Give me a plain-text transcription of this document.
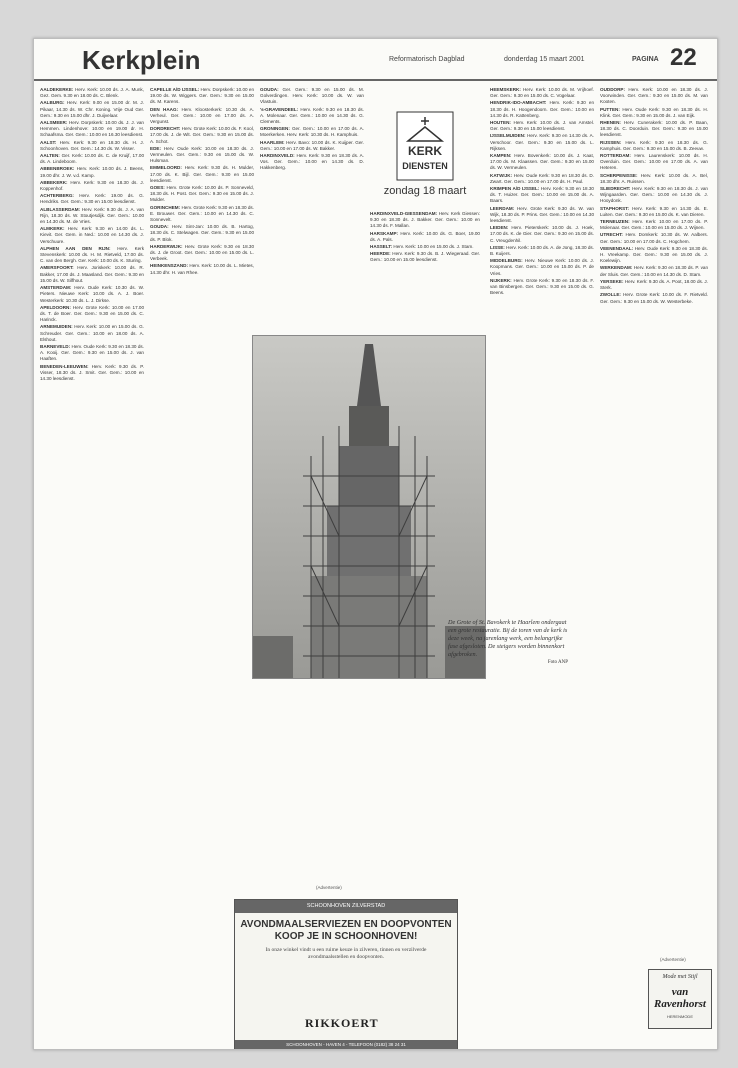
Kerkplein	Reformatorisch Dagblad	donderdag 15 maart 2001	PAGINA 22

AALDEKERKE: Herv. Kerk: 10.00 ds. J. A. Munk, Gez. Gem. 9.30 en 18.00 ds. C. Blenk.

AALBURG: Herv. Kerk: 9.00 en 15.00 dr. M. J. Pikaar, 14.30 ds. W. Chr. Koning. Vrije Oud Ger. Gem.: 9.30 en 15.00 dhr. J. Duijvelaar.

AALSMEER: Herv. Dorpskerk: 10.00 ds. J. J. van Hemmen. Lindenhove: 10.00 en 19.00 dr. H. Schaafsma. Ger. Gem.: 10.00 en 16.30 leesdienst.

AALST: Herv. Kerk: 9.30 en 18.30 ds. H. J. Schoonhoven. Ger. Gem.: 14.30 ds. W. Visser.

AALTEN: Ger. Kerk: 10.00 ds. C. de Kruijf, 17.00 ds. A. Lindeboom.

ABBENBROEK: Herv. Kerk: 10.00 ds. J. Beens, 19.00 dhr. J. W. v.d. Kamp.

ABBEKERK: Herv. Kerk: 9.30 en 18.30 ds. J. Koppenhof.

ACHTERBERG: Herv. Kerk: 19.00 ds. G. Hendriks. Ger. Gem.: 9.30 en 15.00 leesdienst.

ALBLASSERDAM: Herv. Kerk: 9.30 ds. J. A. van Rijn, 18.30 ds. W. Stoutjesdijk. Ger. Gem.: 10.00 en 14.30 ds. M. de Vries.

ALMKERK: Herv. Kerk: 9.30 en 14.00 ds. L. Kievit. Ger. Gem. in Ned.: 10.00 en 14.30 ds. J. Verschuure.

ALPHEN AAN DEN RIJN: Herv. Kerk Stevenskerk: 10.00 ds. H. M. Rietveld, 17.00 ds. C. van den Bergh. Ger. Kerk: 10.00 ds. K. Sturing.

AMERSFOORT: Herv. Joriskerk: 10.00 ds. R. Bakker, 17.00 ds. J. Maasland. Ger. Gem.: 9.30 en 15.00 ds. W. Silfhout.

AMSTERDAM: Herv. Oude Kerk: 10.30 ds. W. Pieters. Nieuwe Kerk: 10.00 ds. A. J. Boer. Westerkerk: 10.30 ds. L. J. Dirkse.

APELDOORN: Herv. Grote Kerk: 10.00 en 17.00 ds. T. de Boer. Ger. Gem.: 9.30 en 15.00 ds. C. Harinck.

ARNEMUIDEN: Herv. Kerk: 10.00 en 15.00 ds. G. Schreuder. Ger. Gem.: 10.00 en 18.00 ds. A. Elshout.

BARNEVELD: Herv. Oude Kerk: 9.30 en 18.30 ds. A. Kooij. Ger. Gem.: 9.30 en 15.00 ds. J. van Haaften.

BENEDEN-LEEUWEN: Herv. Kerk: 9.30 ds. P. Visser, 18.30 ds. J. Smit. Ger. Gem.: 10.00 en 14.30 leesdienst.

CAPELLE A/D IJSSEL: Herv. Dorpskerk: 10.00 en 19.00 ds. W. Wiggers. Ger. Gem.: 9.30 en 15.00 ds. M. Karens.

DEN HAAG: Herv. Kloosterkerk: 10.30 ds. A. Verheul. Ger. Gem.: 10.00 en 17.00 ds. A. Vergunst.

DORDRECHT: Herv. Grote Kerk: 10.00 ds. F. Kool, 17.00 ds. J. de Wit. Ger. Gem.: 9.30 en 15.00 ds. A. Schot.

EDE: Herv. Oude Kerk: 10.00 en 18.30 ds. J. Vermeulen. Ger. Gem.: 9.30 en 15.00 ds. W. Hulsman.

EMMELOORD: Herv. Kerk: 9.30 ds. H. Mulder, 17.00 ds. K. Bijl. Ger. Gem.: 9.30 en 15.00 leesdienst.

GOES: Herv. Grote Kerk: 10.00 ds. P. Sonneveld, 18.30 ds. H. Post. Ger. Gem.: 9.30 en 15.00 ds. J. Mulder.

GORINCHEM: Herv. Grote Kerk: 9.30 en 18.30 ds. E. Brouwer. Ger. Gem.: 10.00 en 14.30 ds. C. Sonnevelt.

GOUDA: Herv. Sint-Jan: 10.00 ds. B. Hartog, 18.30 ds. C. Stelwagen. Ger. Gem.: 9.30 en 15.00 ds. P. Blok.

HARDERWIJK: Herv. Grote Kerk: 9.30 en 18.30 ds. J. de Groot. Ger. Gem.: 10.00 en 15.00 ds. L. Verbeek.

HEINKENSZAND: Herv. Kerk: 10.00 ds. L. Mietes, 14.30 dhr. H. van Rhee.

GOUDA: Ger. Gem.: 9.30 en 15.00 ds. M. Golverdingen. Herv. Kerk: 10.00 ds. W. van Vlastuin.

's-GRAVENDEEL: Herv. Kerk: 9.30 en 18.30 ds. A. Molenaar. Ger. Gem.: 10.00 en 14.30 ds. G. Clements.

GRONINGEN: Ger. Gem.: 10.00 en 17.00 ds. A. Moerkerken. Herv. Kerk: 10.30 ds. H. Kamphuis.

HAARLEM: Herv. Bavo: 10.00 ds. K. Kuijper. Ger. Gem.: 10.00 en 17.00 ds. W. Bakker.

HARDINXVELD: Herv. Kerk: 9.30 en 18.30 ds. A. Vos. Ger. Gem.: 10.00 en 14.30 ds. D. Hakkenberg.

HARDINXVELD-GIESSENDAM: Herv. Kerk Giessen: 9.30 en 18.30 ds. J. Bakker. Ger. Gem.: 10.00 en 14.30 ds. F. Mallan.

HARSKAMP: Herv. Kerk: 10.00 ds. G. Boer, 19.00 ds. A. Pals.

HASSELT: Herv. Kerk: 10.00 en 15.00 ds. J. Stam.

HEERDE: Herv. Kerk: 9.30 ds. B. J. Wiegeraad. Ger. Gem.: 10.00 en 15.00 leesdienst.

HEEMSKERK: Herv. Kerk: 10.00 ds. M. Vrijhoef. Ger. Gem.: 9.30 en 15.00 ds. C. Vogelaar.

HENDRIK-IDO-AMBACHT: Herv. Kerk: 9.30 en 18.30 ds. H. Hoogendoorn. Ger. Gem.: 10.00 en 14.30 ds. R. Kattenberg.

HOUTEN: Herv. Kerk: 10.00 ds. J. van Amstel. Ger. Gem.: 9.30 en 15.00 leesdienst.

IJSSELMUIDEN: Herv. Kerk: 9.30 en 14.30 ds. A. Verschoor. Ger. Gem.: 9.30 en 15.00 ds. L. Rijksen.

KAMPEN: Herv. Bovenkerk: 10.00 ds. J. Kaat, 17.00 ds. M. Klaassen. Ger. Gem.: 9.30 en 15.00 ds. W. Vermeulen.

KATWIJK: Herv. Oude Kerk: 9.30 en 18.30 ds. D. Zwart. Ger. Gem.: 10.00 en 17.00 ds. H. Paul.

KRIMPEN A/D IJSSEL: Herv. Kerk: 9.30 en 18.30 ds. T. Huizer. Ger. Gem.: 10.00 en 15.00 ds. A. Baars.

LEERDAM: Herv. Grote Kerk: 9.30 ds. W. van Wijk, 18.30 ds. P. Prins. Ger. Gem.: 10.00 en 14.30 leesdienst.

LEIDEN: Herv. Pieterskerk: 10.00 ds. J. Hoek, 17.00 ds. K. de Gier. Ger. Gem.: 9.30 en 15.00 ds. C. Vreugdenhil.

LISSE: Herv. Kerk: 10.00 ds. A. de Jong, 18.30 ds. B. Kuijers.

MIDDELBURG: Herv. Nieuwe Kerk: 10.00 ds. J. Koopmans. Ger. Gem.: 10.00 en 15.00 ds. P. de Vries.

NIJKERK: Herv. Grote Kerk: 9.30 en 18.30 ds. F. van Binsbergen. Ger. Gem.: 9.30 en 15.00 ds. G. Beens.

OUDDORP: Herv. Kerk: 10.00 en 18.30 ds. J. Voorwinden. Ger. Gem.: 9.30 en 15.00 ds. M. van Kooten.

PUTTEN: Herv. Oude Kerk: 9.30 en 18.30 ds. H. Klink. Ger. Gem.: 9.30 en 15.00 ds. J. van Eijk.

RHENEN: Herv. Cunerakerk: 10.00 ds. P. Baan, 18.30 ds. C. Doorduin. Ger. Gem.: 9.30 en 15.00 leesdienst.

RIJSSEN: Herv. Kerk: 9.30 en 18.30 ds. G. Kamphuis. Ger. Gem.: 9.30 en 15.00 ds. B. Zeeuw.

ROTTERDAM: Herv. Laurenskerk: 10.00 ds. H. Overduin. Ger. Gem.: 10.00 en 17.00 ds. A. van Heteren.

SCHERPENISSE: Herv. Kerk: 10.00 ds. A. Bel, 18.30 dhr. A. Ruissen.

SLIEDRECHT: Herv. Kerk: 9.30 en 18.30 ds. J. van Wijngaarden. Ger. Gem.: 10.00 en 14.30 ds. J. Hooydonk.

STAPHORST: Herv. Kerk: 9.30 en 14.30 ds. E. Luiten. Ger. Gem.: 9.30 en 15.00 ds. K. van Dieren.

TERNEUZEN: Herv. Kerk: 10.00 en 17.00 ds. P. Molenaar. Ger. Gem.: 10.00 en 15.00 ds. J. Wijnen.

UTRECHT: Herv. Domkerk: 10.30 ds. W. Aalbers. Ger. Gem.: 10.00 en 17.00 ds. C. Hogchem.

VEENENDAAL: Herv. Oude Kerk: 9.30 en 18.30 ds. H. Vreekamp. Ger. Gem.: 9.30 en 15.00 ds. J. Koelewijn.

WERKENDAM: Herv. Kerk: 9.30 en 18.30 ds. P. van der Sluis. Ger. Gem.: 10.00 en 14.30 ds. D. Stam.

YERSEKE: Herv. Kerk: 9.30 ds. A. Poot, 18.00 ds. J. Sterk.

ZWOLLE: Herv. Grote Kerk: 10.00 ds. F. Rietveld. Ger. Gem.: 9.30 en 15.00 ds. W. Westerbeke.

KERK
DIENSTEN
zondag 18 maart
De Grote of St. Bavokerk te Haarlem ondergaat een grote restauratie. Bij de toren van de kerk is deze week, na jarenlang werk, een belangrijke fase afgesloten. De steigers worden binnenkort afgebroken.
Foto ANP
(Advertentie)
SCHOONHOVEN ZILVERSTAD
AVONDMAALSERVIEZEN EN DOOPVONTEN KOOP JE IN SCHOONHOVEN!
In onze winkel vindt u een ruime keuze in zilveren, tinnen en verzilverde avondmaalsstellen en doopvonten.
RIKKOERT
SCHOONHOVEN - HAVEN 4 - TELEFOON (0182) 38 24 31
(Advertentie)
Mode met Stijl
van Ravenhorst
HERENMODE
